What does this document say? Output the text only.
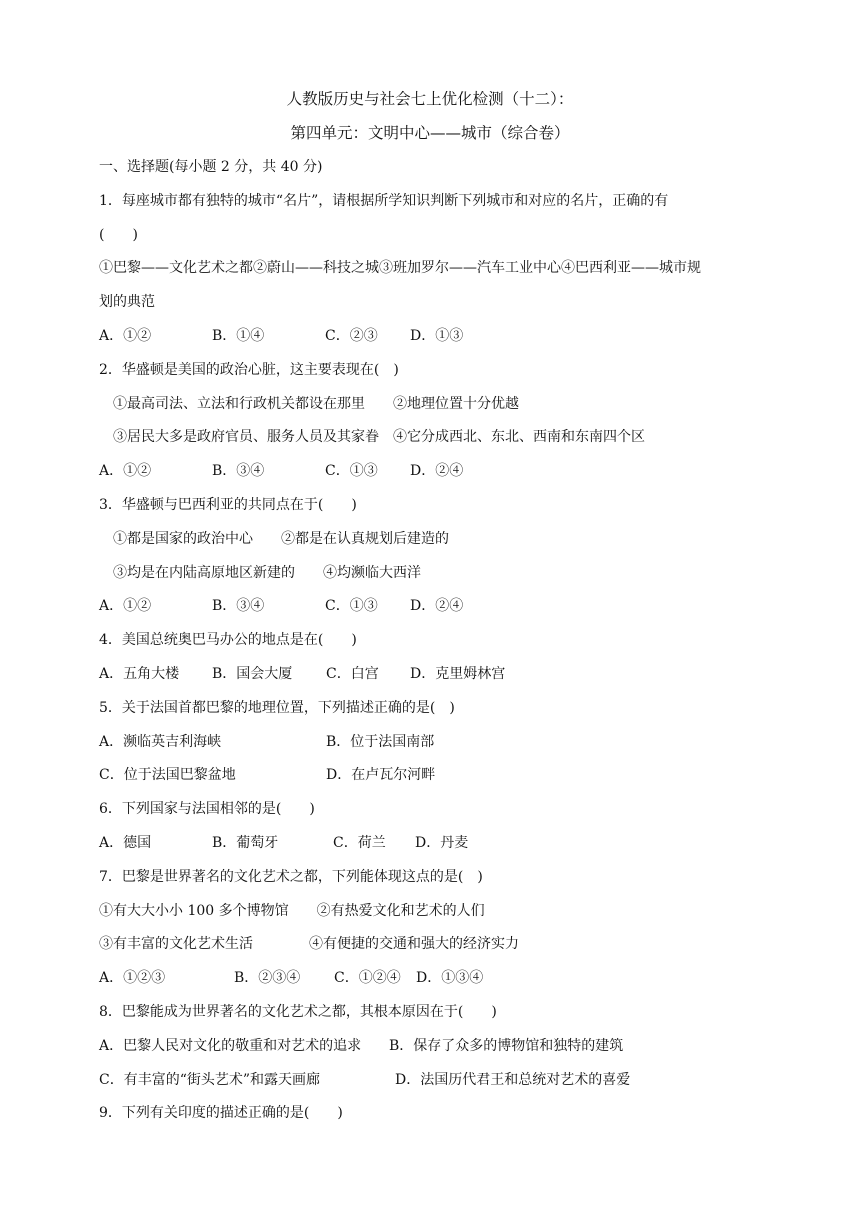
人教版历史与社会七上优化检测（十二）：
第四单元：文明中心——城市（综合卷）
一、选择题(每小题 2 分，共 40 分)
1．每座城市都有独特的城市“名片”，请根据所学知识判断下列城市和对应的名片，正确的有
(　　)
①巴黎——文化艺术之都②蔚山——科技之城③班加罗尔——汽车工业中心④巴西利亚——城市规
划的典范
A．①②	B．①④	C．②③	D．①③
2．华盛顿是美国的政治心脏，这主要表现在(　)
①最高司法、立法和行政机关都设在那里　　②地理位置十分优越
③居民大多是政府官员、服务人员及其家眷　④它分成西北、东北、西南和东南四个区
A．①②	B．③④	C．①③	D．②④
3．华盛顿与巴西利亚的共同点在于(　　)
①都是国家的政治中心　　②都是在认真规划后建造的
③均是在内陆高原地区新建的　　④均濒临大西洋
A．①②	B．③④	C．①③	D．②④
4．美国总统奥巴马办公的地点是在(　　)
A．五角大楼	B．国会大厦	C．白宫	D．克里姆林宫
5．关于法国首都巴黎的地理位置，下列描述正确的是(　)
A．濒临英吉利海峡	B．位于法国南部
C．位于法国巴黎盆地	D．在卢瓦尔河畔
6．下列国家与法国相邻的是(　　)
A．德国	B．葡萄牙	C．荷兰	D．丹麦
7．巴黎是世界著名的文化艺术之都，下列能体现这点的是(　)
①有大大小小 100 多个博物馆　　②有热爱文化和艺术的人们
③有丰富的文化艺术生活　　　　④有便捷的交通和强大的经济实力
A．①②③	B．②③④	C．①②④	D．①③④
8．巴黎能成为世界著名的文化艺术之都，其根本原因在于(　　)
A．巴黎人民对文化的敬重和对艺术的追求	B．保存了众多的博物馆和独特的建筑
C．有丰富的“街头艺术”和露天画廊	D．法国历代君王和总统对艺术的喜爱
9．下列有关印度的描述正确的是(　　)
